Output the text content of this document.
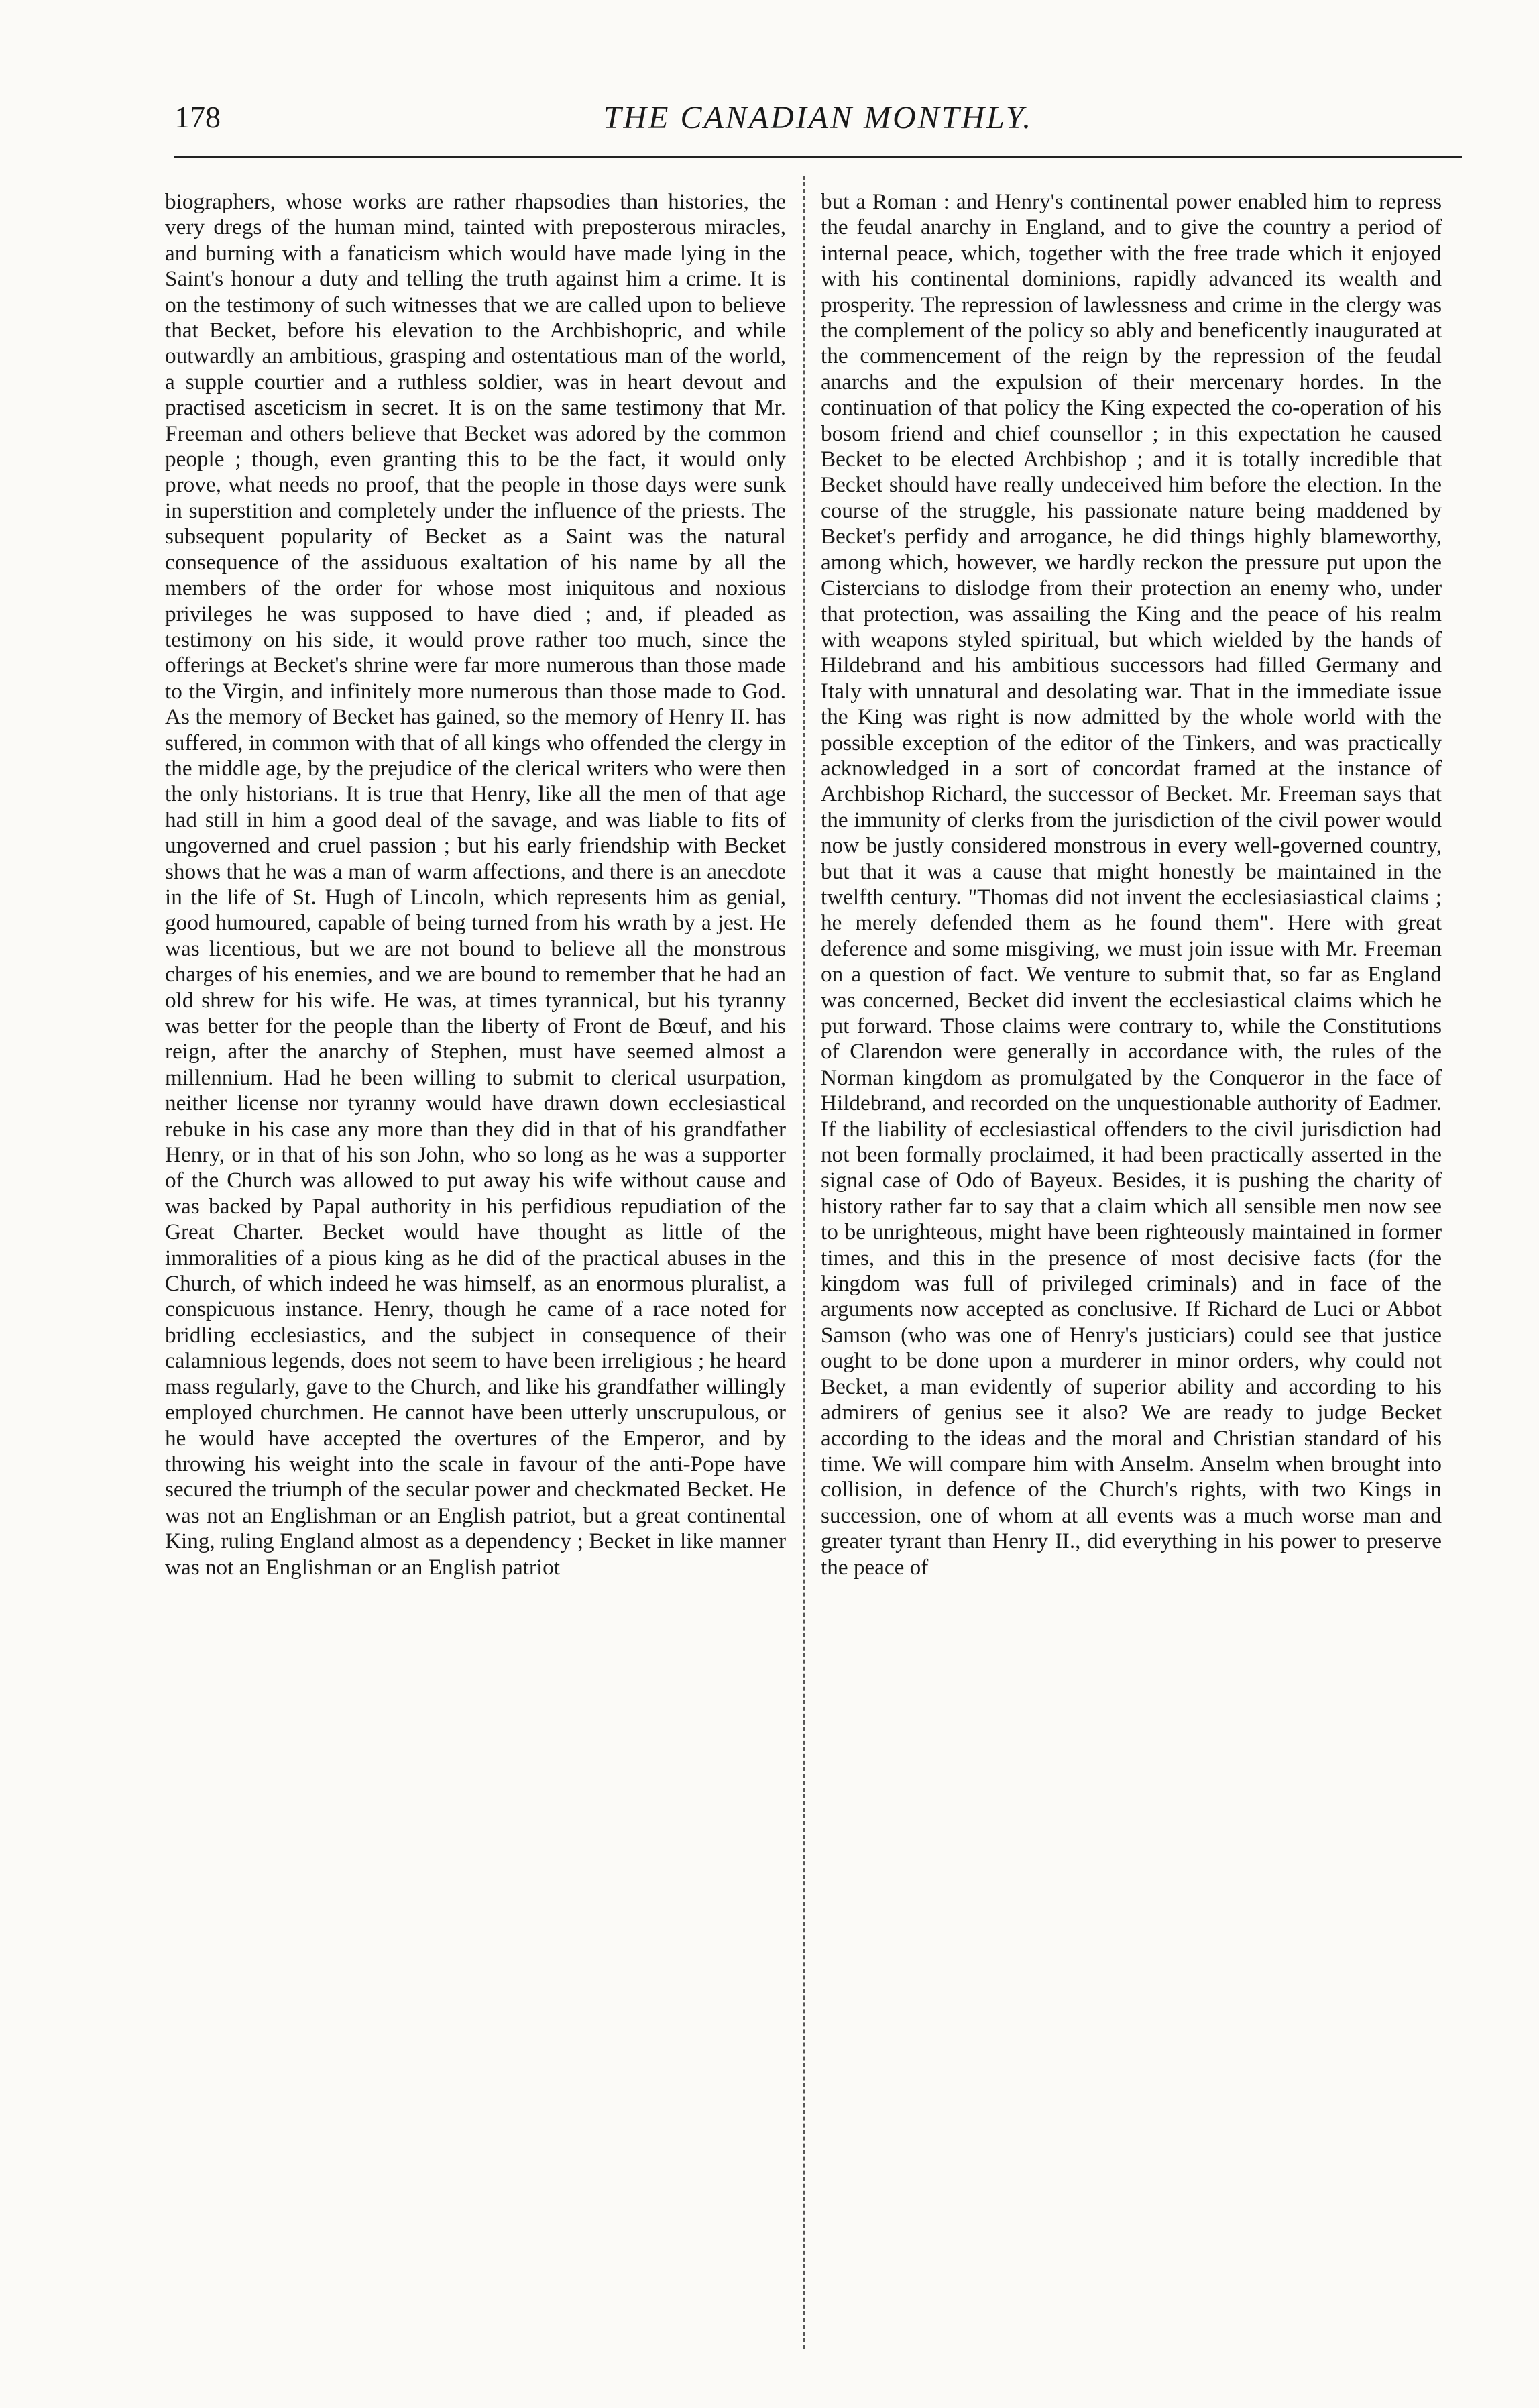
178	THE CANADIAN MONTHLY.

biographers, whose works are rather rhapsodies than histories, the very dregs of the human mind, tainted with preposterous miracles, and burning with a fanaticism which would have made lying in the Saint's honour a duty and telling the truth against him a crime. It is on the testimony of such witnesses that we are called upon to believe that Becket, before his elevation to the Archbishopric, and while outwardly an ambitious, grasping and ostentatious man of the world, a supple courtier and a ruthless soldier, was in heart devout and practised asceticism in secret. It is on the same testimony that Mr. Freeman and others believe that Becket was adored by the common people ; though, even granting this to be the fact, it would only prove, what needs no proof, that the people in those days were sunk in superstition and completely under the influence of the priests. The subsequent popularity of Becket as a Saint was the natural consequence of the assiduous exaltation of his name by all the members of the order for whose most iniquitous and noxious privileges he was supposed to have died ; and, if pleaded as testimony on his side, it would prove rather too much, since the offerings at Becket's shrine were far more numerous than those made to the Virgin, and infinitely more numerous than those made to God. As the memory of Becket has gained, so the memory of Henry II. has suffered, in common with that of all kings who offended the clergy in the middle age, by the prejudice of the clerical writers who were then the only historians. It is true that Henry, like all the men of that age had still in him a good deal of the savage, and was liable to fits of ungoverned and cruel passion ; but his early friendship with Becket shows that he was a man of warm affections, and there is an anecdote in the life of St. Hugh of Lincoln, which represents him as genial, good humoured, capable of being turned from his wrath by a jest. He was licentious, but we are not bound to believe all the monstrous charges of his enemies, and we are bound to remember that he had an old shrew for his wife. He was, at times tyrannical, but his tyranny was better for the people than the liberty of Front de Bœuf, and his reign, after the anarchy of Stephen, must have seemed almost a millennium. Had he been willing to submit to clerical usurpation, neither license nor tyranny would have drawn down ecclesiastical rebuke in his case any more than they did in that of his grandfather Henry, or in that of his son John, who so long as he was a supporter of the Church was allowed to put away his wife without cause and was backed by Papal authority in his perfidious repudiation of the Great Charter. Becket would have thought as little of the immoralities of a pious king as he did of the practical abuses in the Church, of which indeed he was himself, as an enormous pluralist, a conspicuous instance. Henry, though he came of a race noted for bridling ecclesiastics, and the subject in consequence of their calamnious legends, does not seem to have been irreligious ; he heard mass regularly, gave to the Church, and like his grandfather willingly employed churchmen. He cannot have been utterly unscrupulous, or he would have accepted the overtures of the Emperor, and by throwing his weight into the scale in favour of the anti-Pope have secured the triumph of the secular power and checkmated Becket. He was not an Englishman or an English patriot, but a great continental King, ruling England almost as a dependency ; Becket in like manner was not an Englishman or an English patriot

but a Roman : and Henry's continental power enabled him to repress the feudal anarchy in England, and to give the country a period of internal peace, which, together with the free trade which it enjoyed with his continental dominions, rapidly advanced its wealth and prosperity. The repression of lawlessness and crime in the clergy was the complement of the policy so ably and beneficently inaugurated at the commencement of the reign by the repression of the feudal anarchs and the expulsion of their mercenary hordes. In the continuation of that policy the King expected the co-operation of his bosom friend and chief counsellor ; in this expectation he caused Becket to be elected Archbishop ; and it is totally incredible that Becket should have really undeceived him before the election. In the course of the struggle, his passionate nature being maddened by Becket's perfidy and arrogance, he did things highly blameworthy, among which, however, we hardly reckon the pressure put upon the Cistercians to dislodge from their protection an enemy who, under that protection, was assailing the King and the peace of his realm with weapons styled spiritual, but which wielded by the hands of Hildebrand and his ambitious successors had filled Germany and Italy with unnatural and desolating war. That in the immediate issue the King was right is now admitted by the whole world with the possible exception of the editor of the Tinkers, and was practically acknowledged in a sort of concordat framed at the instance of Archbishop Richard, the successor of Becket. Mr. Freeman says that the immunity of clerks from the jurisdiction of the civil power would now be justly considered monstrous in every well-governed country, but that it was a cause that might honestly be maintained in the twelfth century. "Thomas did not invent the ecclesiasiastical claims ; he merely defended them as he found them". Here with great deference and some misgiving, we must join issue with Mr. Freeman on a question of fact. We venture to submit that, so far as England was concerned, Becket did invent the ecclesiastical claims which he put forward. Those claims were contrary to, while the Constitutions of Clarendon were generally in accordance with, the rules of the Norman kingdom as promulgated by the Conqueror in the face of Hildebrand, and recorded on the unquestionable authority of Eadmer. If the liability of ecclesiastical offenders to the civil jurisdiction had not been formally proclaimed, it had been practically asserted in the signal case of Odo of Bayeux. Besides, it is pushing the charity of history rather far to say that a claim which all sensible men now see to be unrighteous, might have been righteously maintained in former times, and this in the presence of most decisive facts (for the kingdom was full of privileged criminals) and in face of the arguments now accepted as conclusive. If Richard de Luci or Abbot Samson (who was one of Henry's justiciars) could see that justice ought to be done upon a murderer in minor orders, why could not Becket, a man evidently of superior ability and according to his admirers of genius see it also? We are ready to judge Becket according to the ideas and the moral and Christian standard of his time. We will compare him with Anselm. Anselm when brought into collision, in defence of the Church's rights, with two Kings in succession, one of whom at all events was a much worse man and greater tyrant than Henry II., did everything in his power to preserve the peace of
